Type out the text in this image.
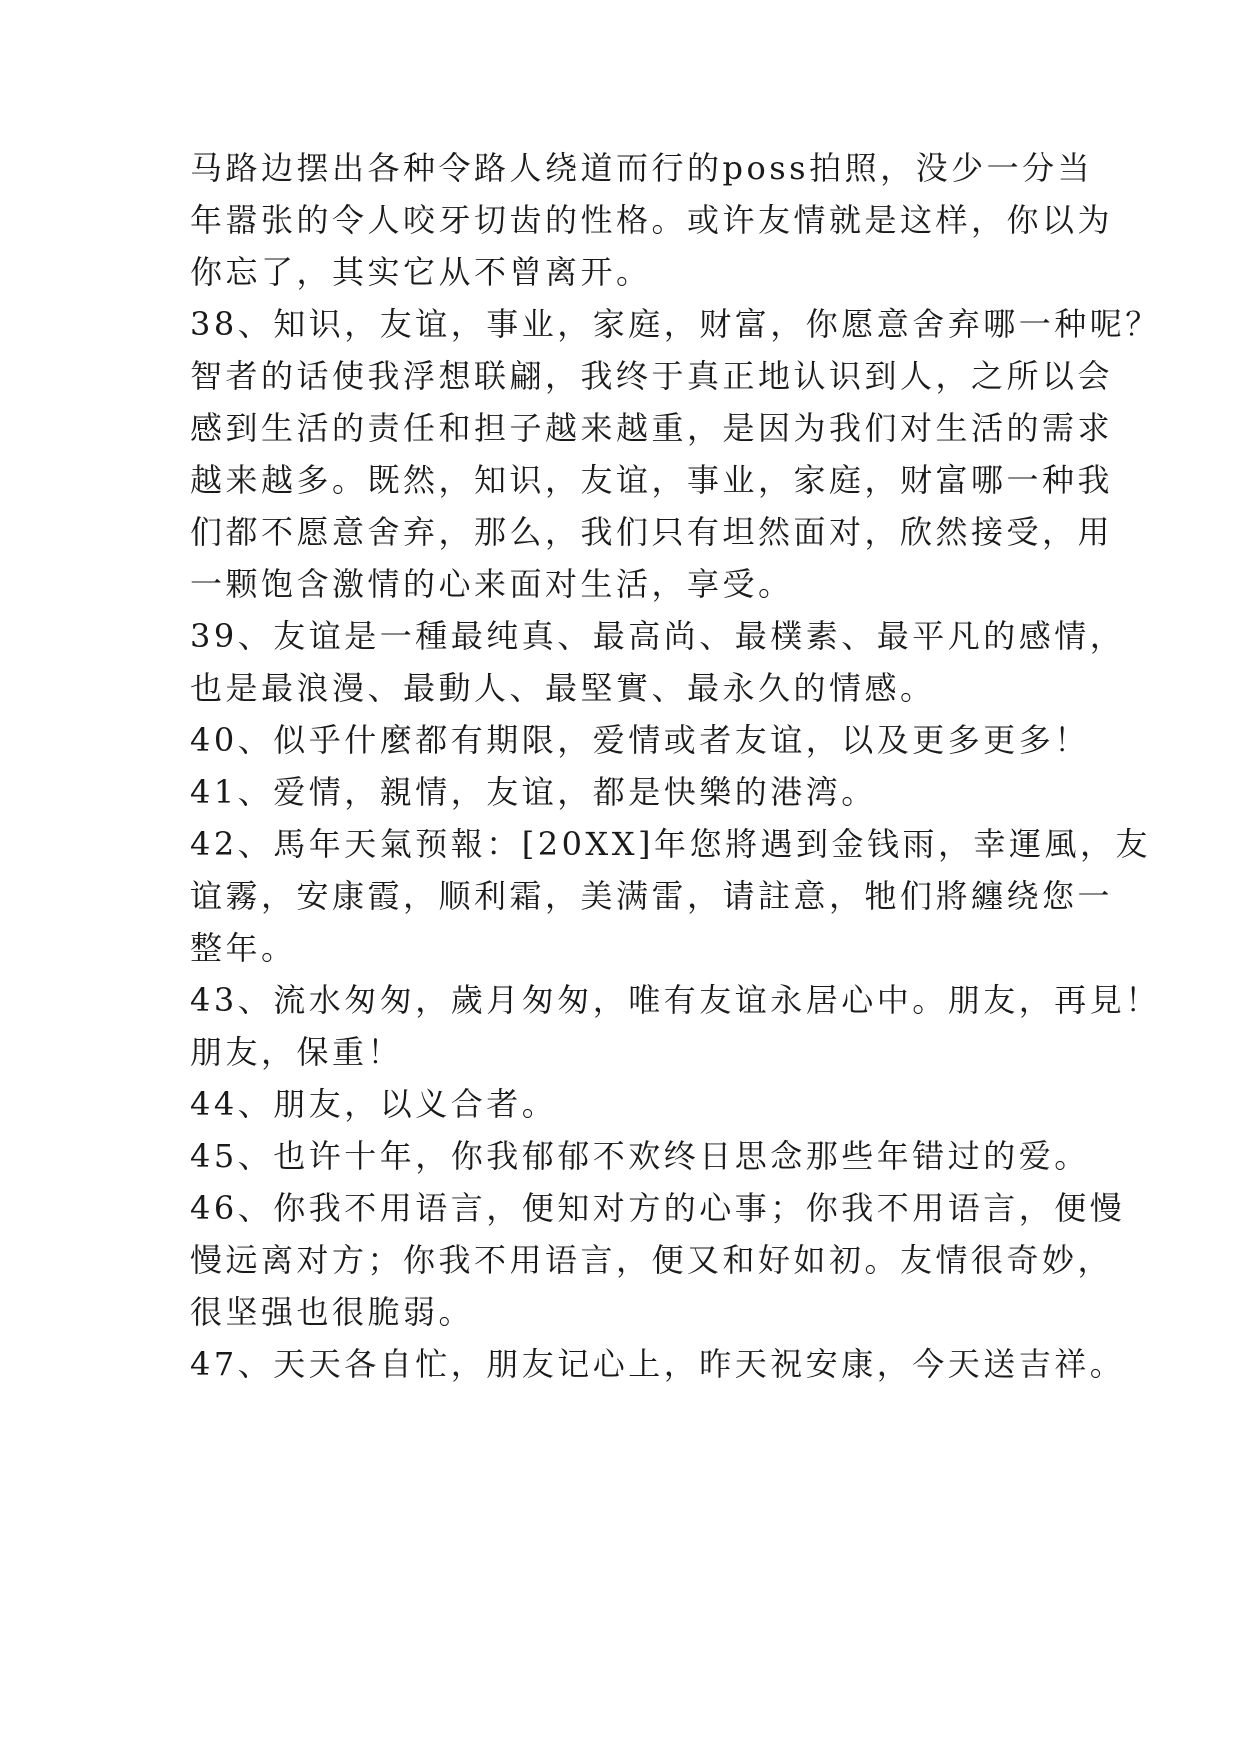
马路边摆出各种令路人绕道而行的poss拍照，没少一分当

年嚣张的令人咬牙切齿的性格。或许友情就是这样，你以为

你忘了，其实它从不曾离开。

38、知识，友谊，事业，家庭，财富，你愿意舍弃哪一种呢？

智者的话使我浮想联翩，我终于真正地认识到人，之所以会

感到生活的责任和担子越来越重，是因为我们对生活的需求

越来越多。既然，知识，友谊，事业，家庭，财富哪一种我

们都不愿意舍弃，那么，我们只有坦然面对，欣然接受，用

一颗饱含激情的心来面对生活，享受。

39、友谊是一種最纯真、最高尚、最樸素、最平凡的感情，

也是最浪漫、最動人、最堅實、最永久的情感。

40、似乎什麼都有期限，爱情或者友谊，以及更多更多！

41、爱情，親情，友谊，都是快樂的港湾。

42、馬年天氣预報：[20XX]年您將遇到金钱雨，幸運風，友

谊霧，安康霞，顺利霜，美满雷，请註意，牠们將纏绕您一

整年。

43、流水匆匆，歲月匆匆，唯有友谊永居心中。朋友，再見！

朋友，保重！

44、朋友，以义合者。

45、也许十年，你我郁郁不欢终日思念那些年错过的爱。

46、你我不用语言，便知对方的心事；你我不用语言，便慢

慢远离对方；你我不用语言，便又和好如初。友情很奇妙，

很坚强也很脆弱。

47、天天各自忙，朋友记心上，昨天祝安康，今天送吉祥。
